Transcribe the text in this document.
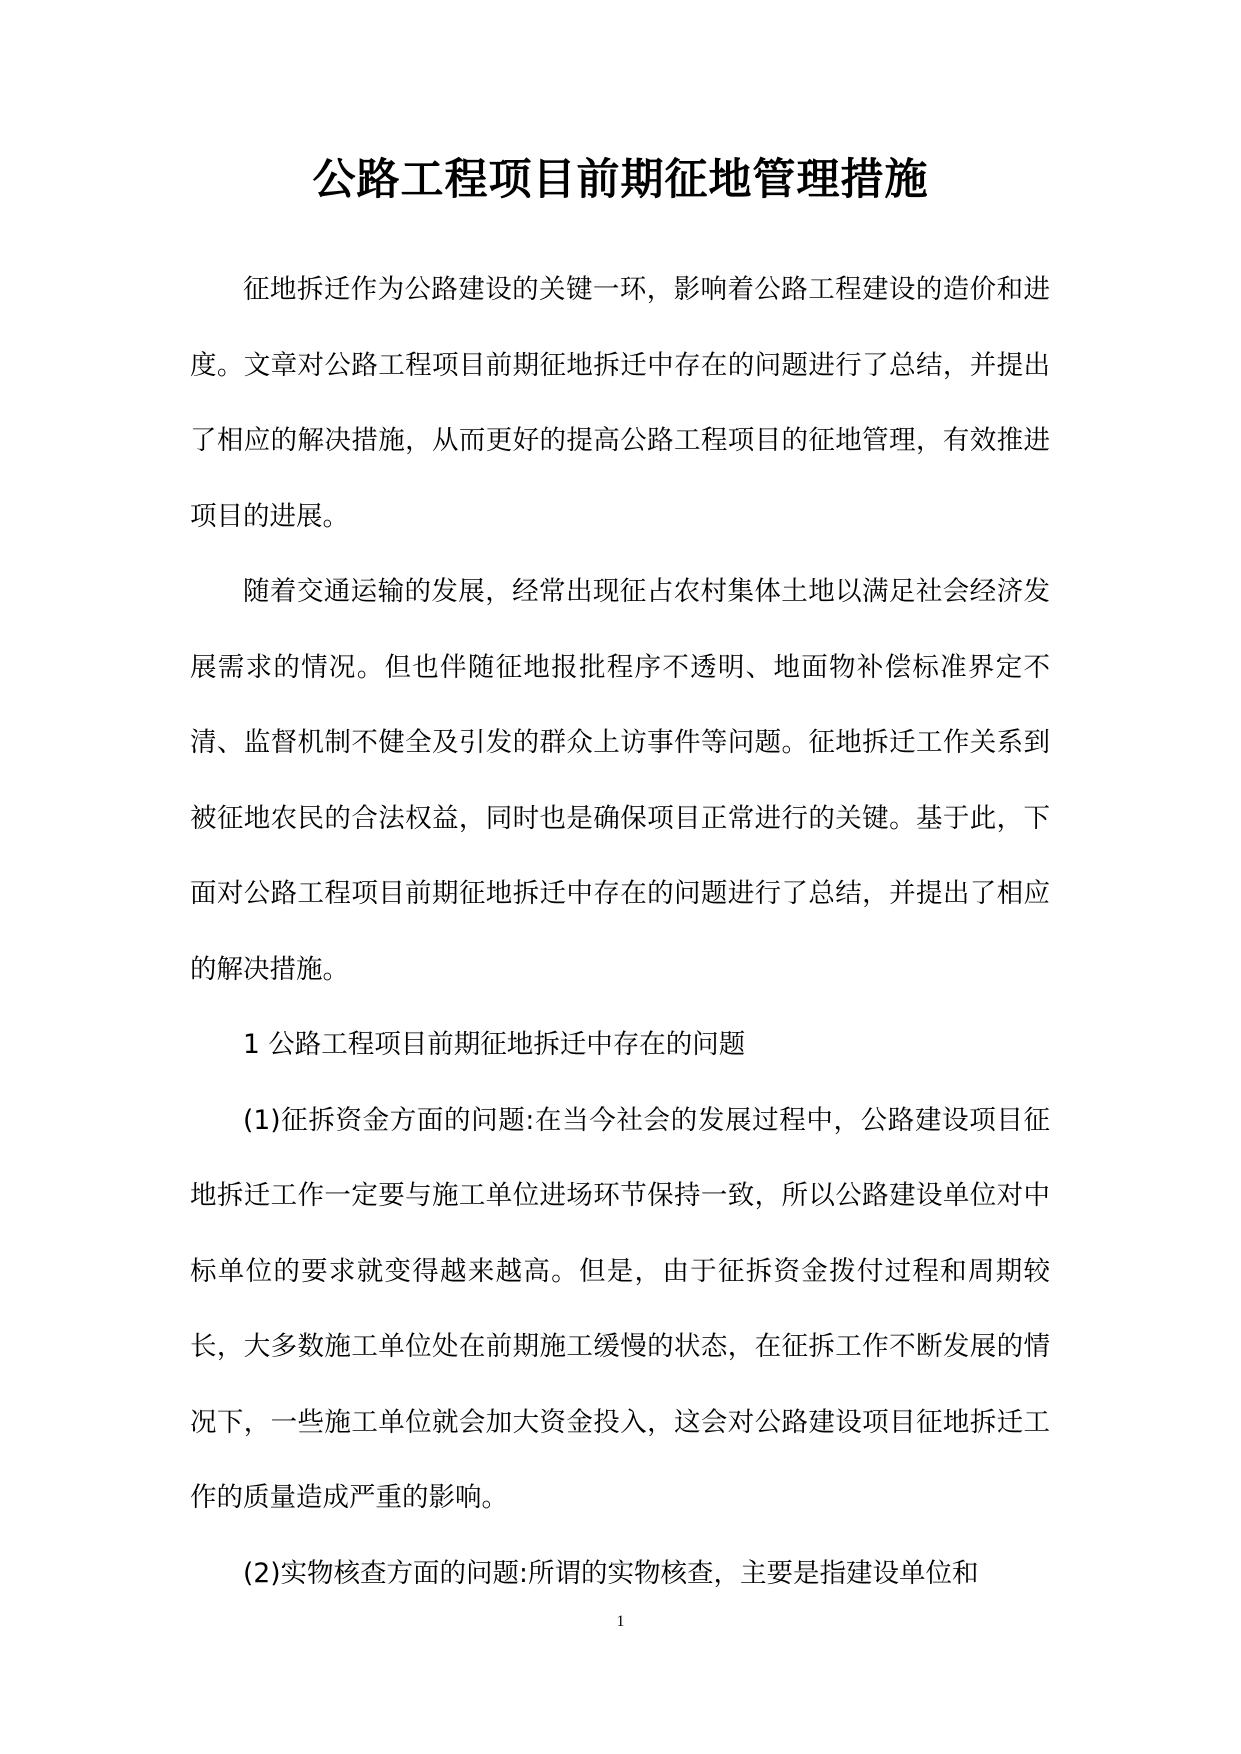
公路工程项目前期征地管理措施

征地拆迁作为公路建设的关键一环，影响着公路工程建设的造价和进度。文章对公路工程项目前期征地拆迁中存在的问题进行了总结，并提出了相应的解决措施，从而更好的提高公路工程项目的征地管理，有效推进项目的进展。

随着交通运输的发展，经常出现征占农村集体土地以满足社会经济发展需求的情况。但也伴随征地报批程序不透明、地面物补偿标准界定不清、监督机制不健全及引发的群众上访事件等问题。征地拆迁工作关系到被征地农民的合法权益，同时也是确保项目正常进行的关键。基于此，下面对公路工程项目前期征地拆迁中存在的问题进行了总结，并提出了相应的解决措施。

1 公路工程项目前期征地拆迁中存在的问题

(1)征拆资金方面的问题:在当今社会的发展过程中，公路建设项目征地拆迁工作一定要与施工单位进场环节保持一致，所以公路建设单位对中标单位的要求就变得越来越高。但是，由于征拆资金拨付过程和周期较长，大多数施工单位处在前期施工缓慢的状态，在征拆工作不断发展的情况下，一些施工单位就会加大资金投入，这会对公路建设项目征地拆迁工作的质量造成严重的影响。

(2)实物核查方面的问题:所谓的实物核查，主要是指建设单位和

1
